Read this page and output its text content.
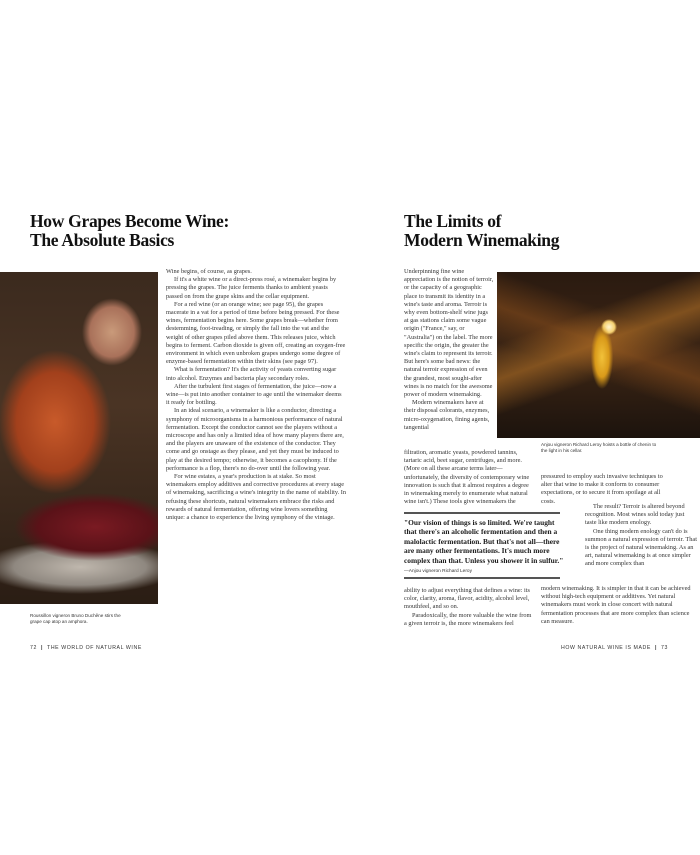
How Grapes Become Wine:
The Absolute Basics
Roussillon vigneron Bruno Duchêne stirs the grape cap atop an amphora.

Wine begins, of course, as grapes.

If it's a white wine or a direct-press rosé, a winemaker begins by pressing the grapes. The juice ferments thanks to ambient yeasts passed on from the grape skins and the cellar equipment.

For a red wine (or an orange wine; see page 95), the grapes macerate in a vat for a period of time before being pressed. For these wines, fermentation begins here. Some grapes break—whether from destemming, foot-treading, or simply the fall into the vat and the weight of other grapes piled above them. This releases juice, which begins to ferment. Carbon dioxide is given off, creating an oxygen-free environment in which even unbroken grapes undergo some degree of enzyme-based fermentation within their skins (see page 97).

What is fermentation? It's the activity of yeasts converting sugar into alcohol. Enzymes and bacteria play secondary roles.

After the turbulent first stages of fermentation, the juice—now a wine—is put into another container to age until the winemaker deems it ready for bottling.

In an ideal scenario, a winemaker is like a conductor, directing a symphony of microorganisms in a harmonious performance of natural fermentation. Except the conductor cannot see the players without a microscope and has only a limited idea of how many players there are, and the players are unaware of the existence of the conductor. They come and go onstage as they please, and yet they must be induced to play at the desired tempo; otherwise, it becomes a cacophony. If the performance is a flop, there's no do-over until the following year.

For wine estates, a year's production is at stake. So most winemakers employ additives and corrective procedures at every stage of winemaking, sacrificing a wine's integrity in the name of stability. In refusing these shortcuts, natural winemakers embrace the risks and rewards of natural fermentation, offering wine lovers something unique: a chance to experience the living symphony of the vintage.

72 | THE WORLD OF NATURAL WINE
The Limits of
Modern Winemaking
Anjou vigneron Richard Leroy hoists a bottle of chenin to the light in his cellar.

Underpinning fine wine appreciation is the notion of terroir, or the capacity of a geographic place to transmit its identity in a wine's taste and aroma. Terroir is why even bottom-shelf wine jugs at gas stations claim some vague origin ("France," say, or "Australia") on the label. The more specific the origin, the greater the wine's claim to represent its terroir. But here's some bad news: the natural terroir expression of even the grandest, most sought-after wines is no match for the awesome power of modern winemaking.

Modern winemakers have at their disposal colorants, enzymes, micro-oxygenation, fining agents, tangential

filtration, aromatic yeasts, powdered tannins, tartaric acid, beet sugar, centrifuges, and more. (More on all these arcane terms later—unfortunately, the diversity of contemporary wine innovation is such that it almost requires a degree in winemaking merely to enumerate what natural wine isn't.) These tools give winemakers the

"Our vision of things is so limited. We're taught that there's an alcoholic fermentation and then a malolactic fermentation. But that's not all—there are many other fermentations. It's much more complex than that. Unless you shower it in sulfur."
—Anjou vigneron Richard Leroy

ability to adjust everything that defines a wine: its color, clarity, aroma, flavor, acidity, alcohol level, mouthfeel, and so on.

Paradoxically, the more valuable the wine from a given terroir is, the more winemakers feel

pressured to employ such invasive techniques to alter that wine to make it conform to consumer expectations, or to secure it from spoilage at all costs.

The result? Terroir is altered beyond recognition. Most wines sold today just taste like modern enology.

One thing modern enology can't do is summon a natural expression of terroir. That is the project of natural winemaking. As an art, natural winemaking is at once simpler and more complex than

modern winemaking. It is simpler in that it can be achieved without high-tech equipment or additives. Yet natural winemakers must work in close concert with natural fermentation processes that are more complex than science can measure.

HOW NATURAL WINE IS MADE | 73
